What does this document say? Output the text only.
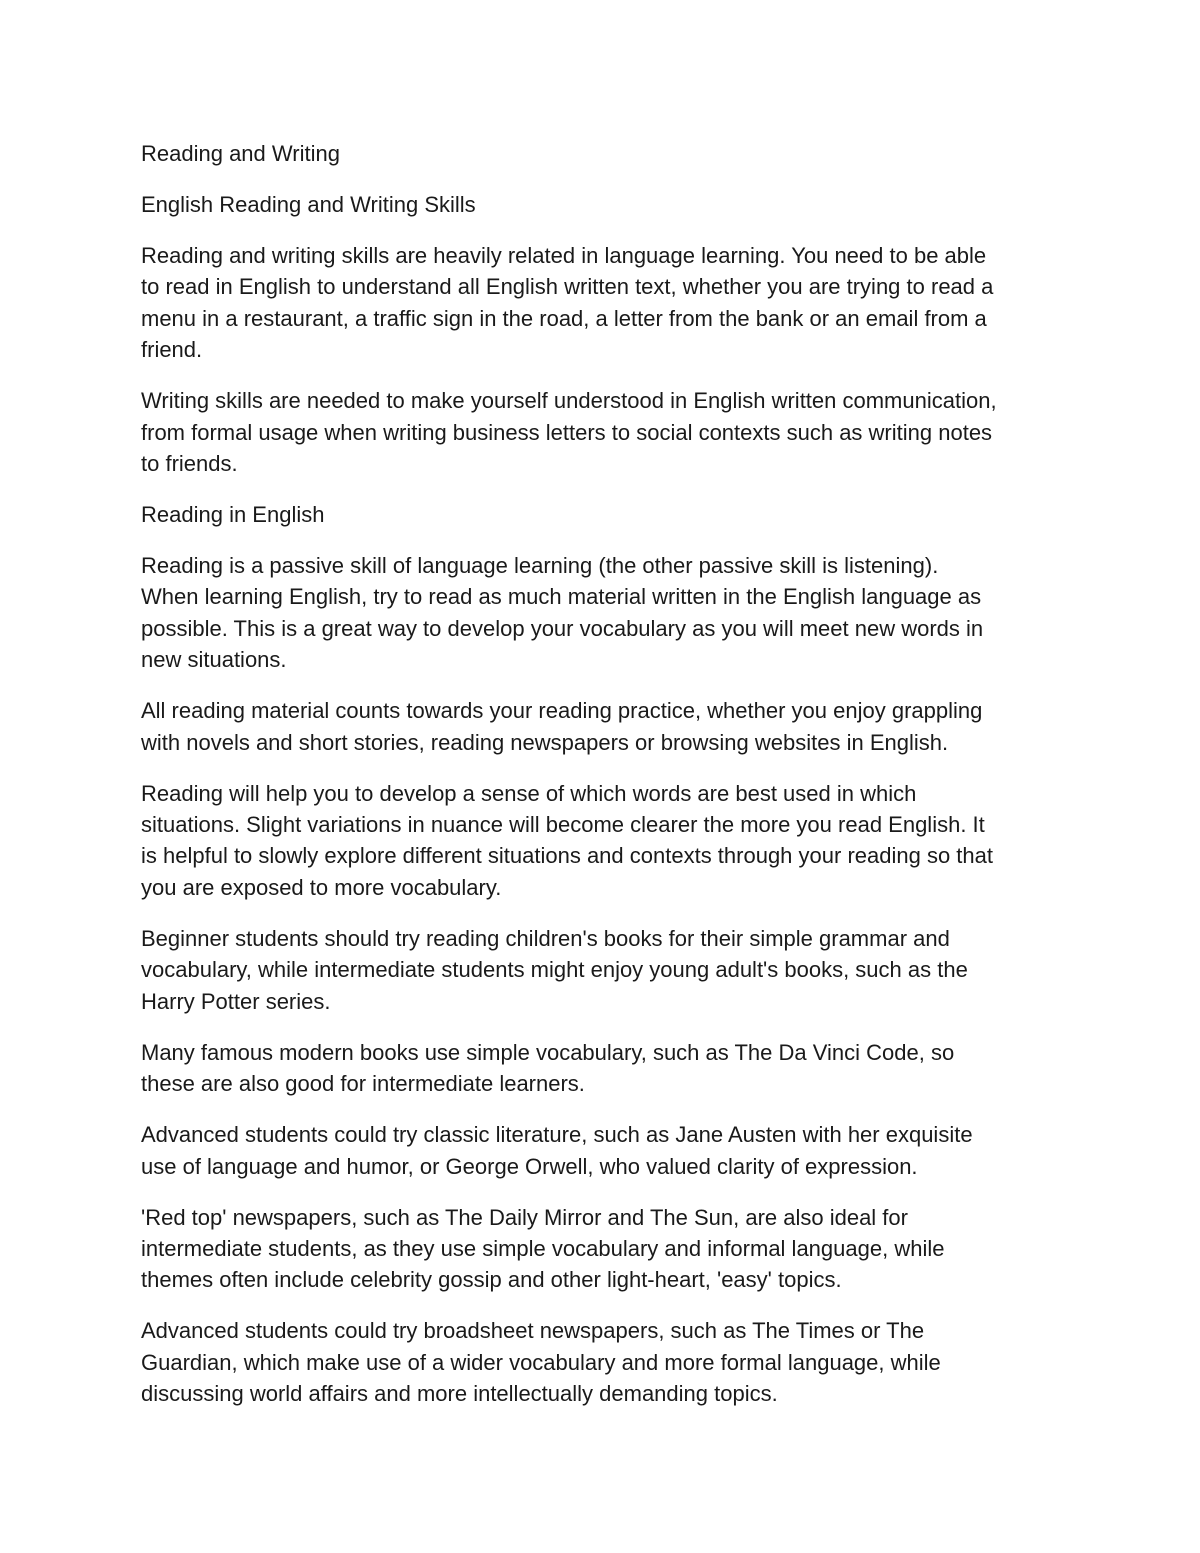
Reading and Writing

English Reading and Writing Skills

Reading and writing skills are heavily related in language learning. You need to be able
to read in English to understand all English written text, whether you are trying to read a
menu in a restaurant, a traffic sign in the road, a letter from the bank or an email from a
friend.

Writing skills are needed to make yourself understood in English written communication,
from formal usage when writing business letters to social contexts such as writing notes
to friends.

Reading in English

Reading is a passive skill of language learning (the other passive skill is listening).
When learning English, try to read as much material written in the English language as
possible. This is a great way to develop your vocabulary as you will meet new words in
new situations.

All reading material counts towards your reading practice, whether you enjoy grappling
with novels and short stories, reading newspapers or browsing websites in English.

Reading will help you to develop a sense of which words are best used in which
situations. Slight variations in nuance will become clearer the more you read English. It
is helpful to slowly explore different situations and contexts through your reading so that
you are exposed to more vocabulary.

Beginner students should try reading children's books for their simple grammar and
vocabulary, while intermediate students might enjoy young adult's books, such as the
Harry Potter series.

Many famous modern books use simple vocabulary, such as The Da Vinci Code, so
these are also good for intermediate learners.

Advanced students could try classic literature, such as Jane Austen with her exquisite
use of language and humor, or George Orwell, who valued clarity of expression.

'Red top' newspapers, such as The Daily Mirror and The Sun, are also ideal for
intermediate students, as they use simple vocabulary and informal language, while
themes often include celebrity gossip and other light-heart, 'easy' topics.

Advanced students could try broadsheet newspapers, such as The Times or The
Guardian, which make use of a wider vocabulary and more formal language, while
discussing world affairs and more intellectually demanding topics.
